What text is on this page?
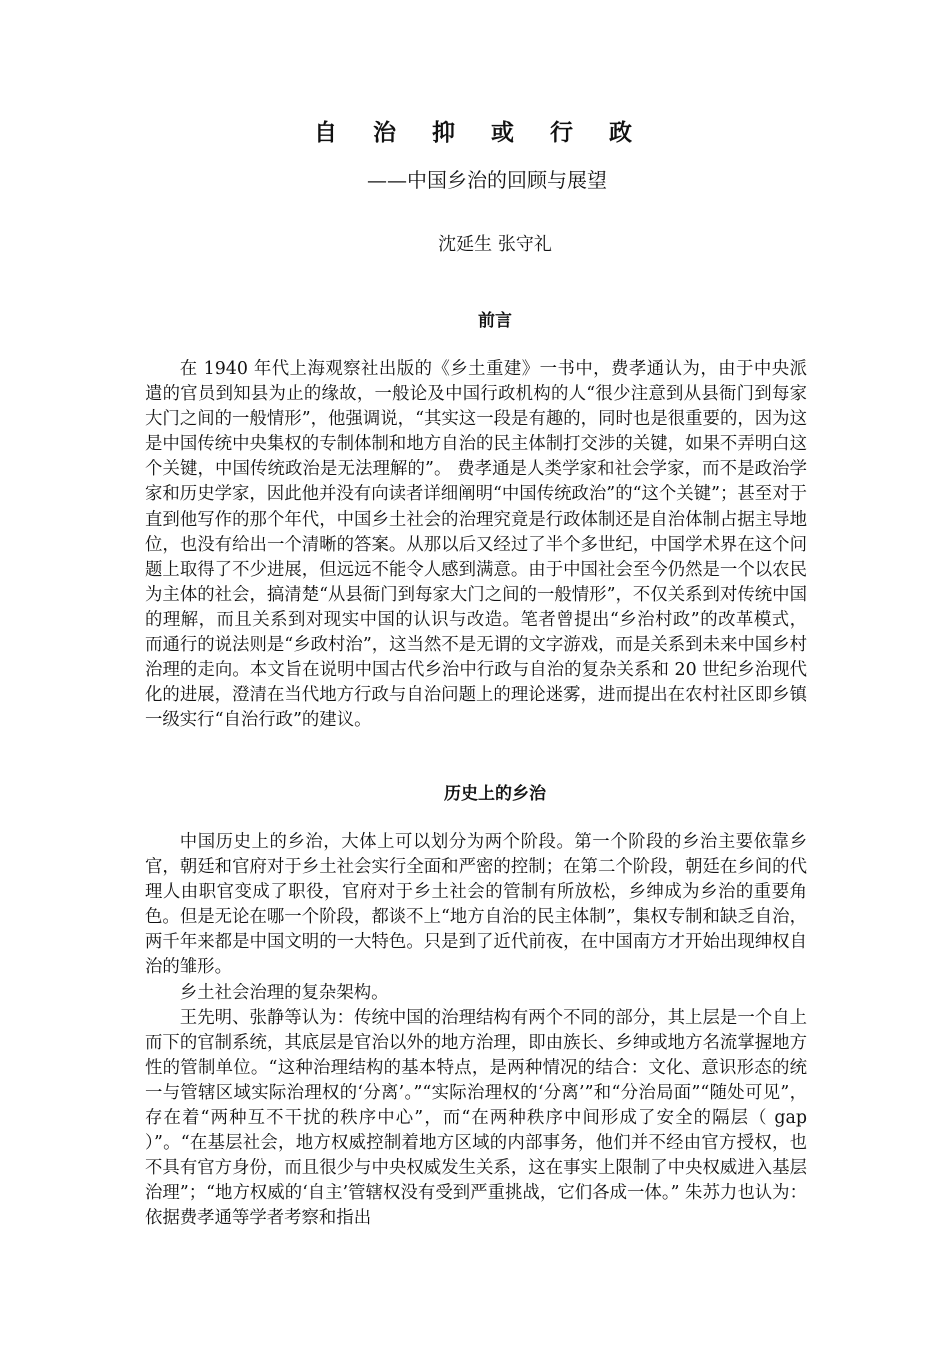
自 治 抑 或 行 政
——中国乡治的回顾与展望
沈延生 张守礼
前言

在 1940 年代上海观察社出版的《乡土重建》一书中，费孝通认为，由于中央派遣的官员到知县为止的缘故，一般论及中国行政机构的人“很少注意到从县衙门到每家大门之间的一般情形”，他强调说，“其实这一段是有趣的，同时也是很重要的，因为这是中国传统中央集权的专制体制和地方自治的民主体制打交涉的关键，如果不弄明白这个关键，中国传统政治是无法理解的”。 费孝通是人类学家和社会学家，而不是政治学家和历史学家，因此他并没有向读者详细阐明“中国传统政治”的“这个关键”；甚至对于直到他写作的那个年代，中国乡土社会的治理究竟是行政体制还是自治体制占据主导地位，也没有给出一个清晰的答案。从那以后又经过了半个多世纪，中国学术界在这个问题上取得了不少进展，但远远不能令人感到满意。由于中国社会至今仍然是一个以农民为主体的社会，搞清楚“从县衙门到每家大门之间的一般情形”，不仅关系到对传统中国的理解，而且关系到对现实中国的认识与改造。笔者曾提出“乡治村政”的改革模式， 而通行的说法则是“乡政村治”，这当然不是无谓的文字游戏，而是关系到未来中国乡村治理的走向。本文旨在说明中国古代乡治中行政与自治的复杂关系和 20 世纪乡治现代化的进展，澄清在当代地方行政与自治问题上的理论迷雾，进而提出在农村社区即乡镇一级实行“自治行政”的建议。

历史上的乡治

中国历史上的乡治，大体上可以划分为两个阶段。第一个阶段的乡治主要依靠乡官，朝廷和官府对于乡土社会实行全面和严密的控制；在第二个阶段，朝廷在乡间的代理人由职官变成了职役，官府对于乡土社会的管制有所放松，乡绅成为乡治的重要角色。但是无论在哪一个阶段，都谈不上“地方自治的民主体制”，集权专制和缺乏自治，两千年来都是中国文明的一大特色。只是到了近代前夜，在中国南方才开始出现绅权自治的雏形。

乡土社会治理的复杂架构。

王先明、张静等认为：传统中国的治理结构有两个不同的部分，其上层是一个自上而下的官制系统，其底层是官治以外的地方治理，即由族长、乡绅或地方名流掌握地方性的管制单位。“这种治理结构的基本特点，是两种情况的结合：文化、意识形态的统一与管辖区域实际治理权的‘分离’。”“实际治理权的‘分离’”和“分治局面”“随处可见”，存在着“两种互不干扰的秩序中心”，而“在两种秩序中间形成了安全的隔层（ gap ）”。“在基层社会，地方权威控制着地方区域的内部事务，他们并不经由官方授权，也不具有官方身份，而且很少与中央权威发生关系，这在事实上限制了中央权威进入基层治理”；“地方权威的‘自主’管辖权没有受到严重挑战，它们各成一体。” 朱苏力也认为：依据费孝通等学者考察和指出
